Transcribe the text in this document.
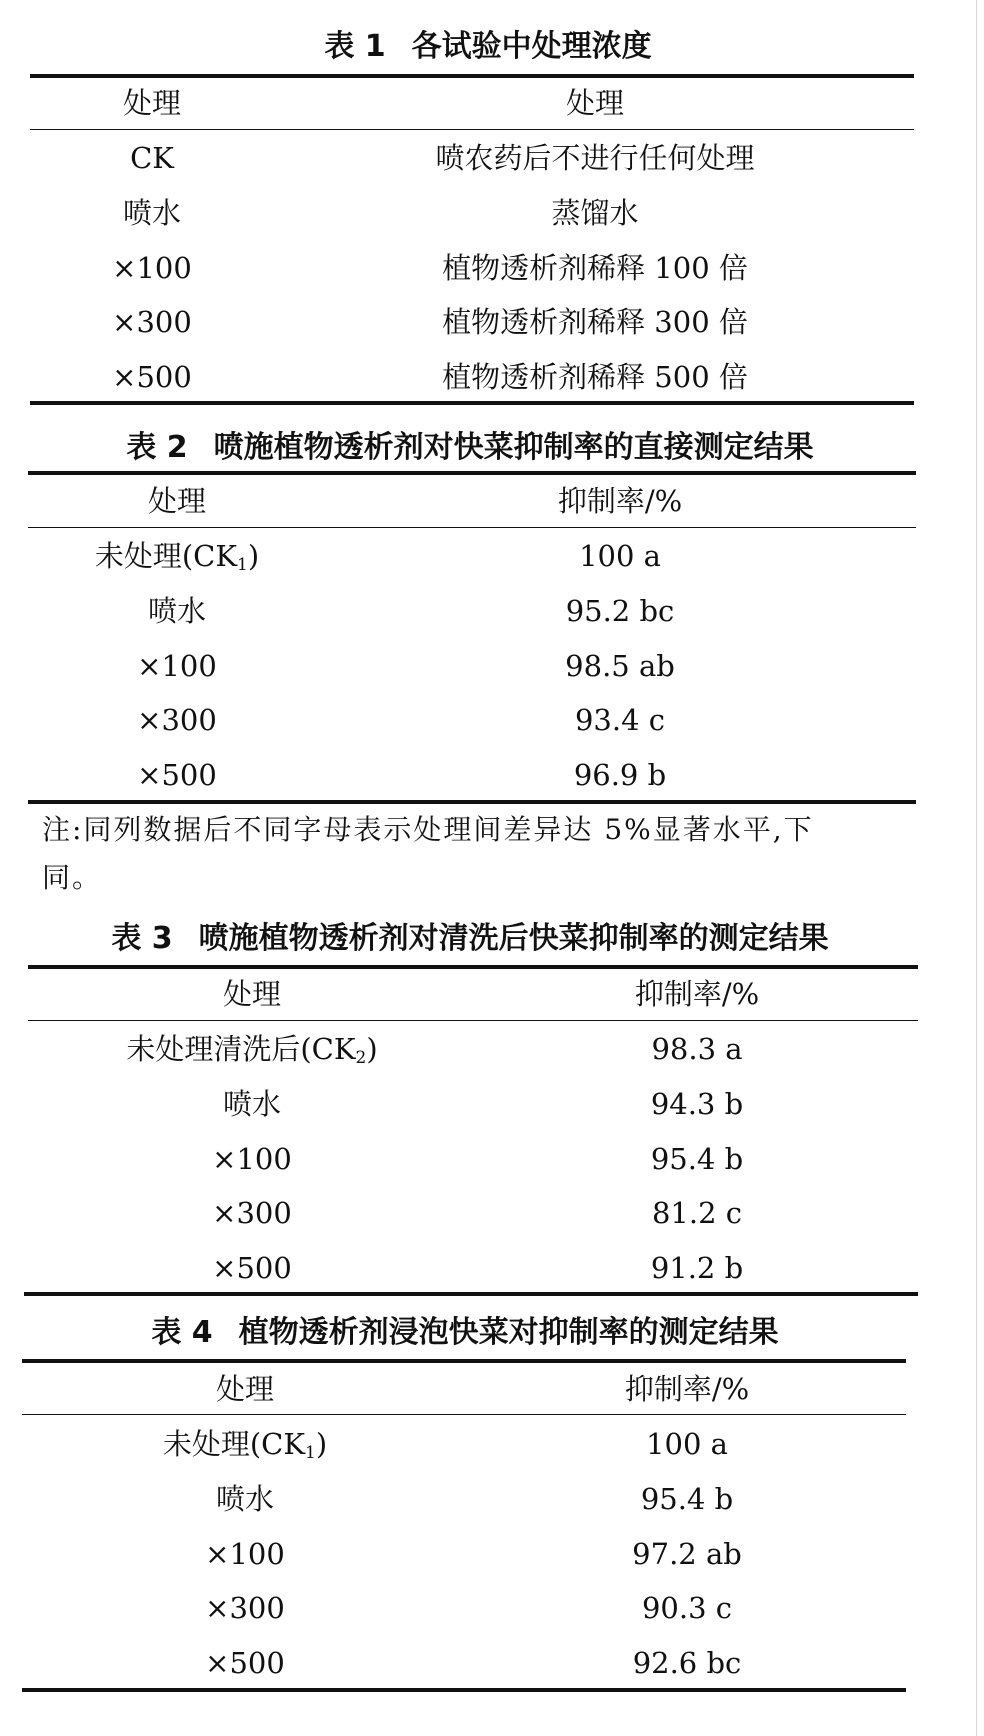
表 1 各试验中处理浓度
处理	处理
CK	喷农药后不进行任何处理
喷水	蒸馏水
×100	植物透析剂稀释 100 倍
×300	植物透析剂稀释 300 倍
×500	植物透析剂稀释 500 倍
表 2 喷施植物透析剂对快菜抑制率的直接测定结果
处理	抑制率/%
未处理$(CK_1)$	100 a
喷水	95.2 bc
×100	98.5 ab
×300	93.4 c
×500	96.9 b
注:同列数据后不同字母表示处理间差异达 5%显著水平,下
同。
表 3 喷施植物透析剂对清洗后快菜抑制率的测定结果
处理	抑制率/%
未处理清洗后$(CK_2)$	98.3 a
喷水	94.3 b
×100	95.4 b
×300	81.2 c
×500	91.2 b
表 4 植物透析剂浸泡快菜对抑制率的测定结果
处理	抑制率/%
未处理$(CK_1)$	100 a
喷水	95.4 b
×100	97.2 ab
×300	90.3 c
×500	92.6 bc
